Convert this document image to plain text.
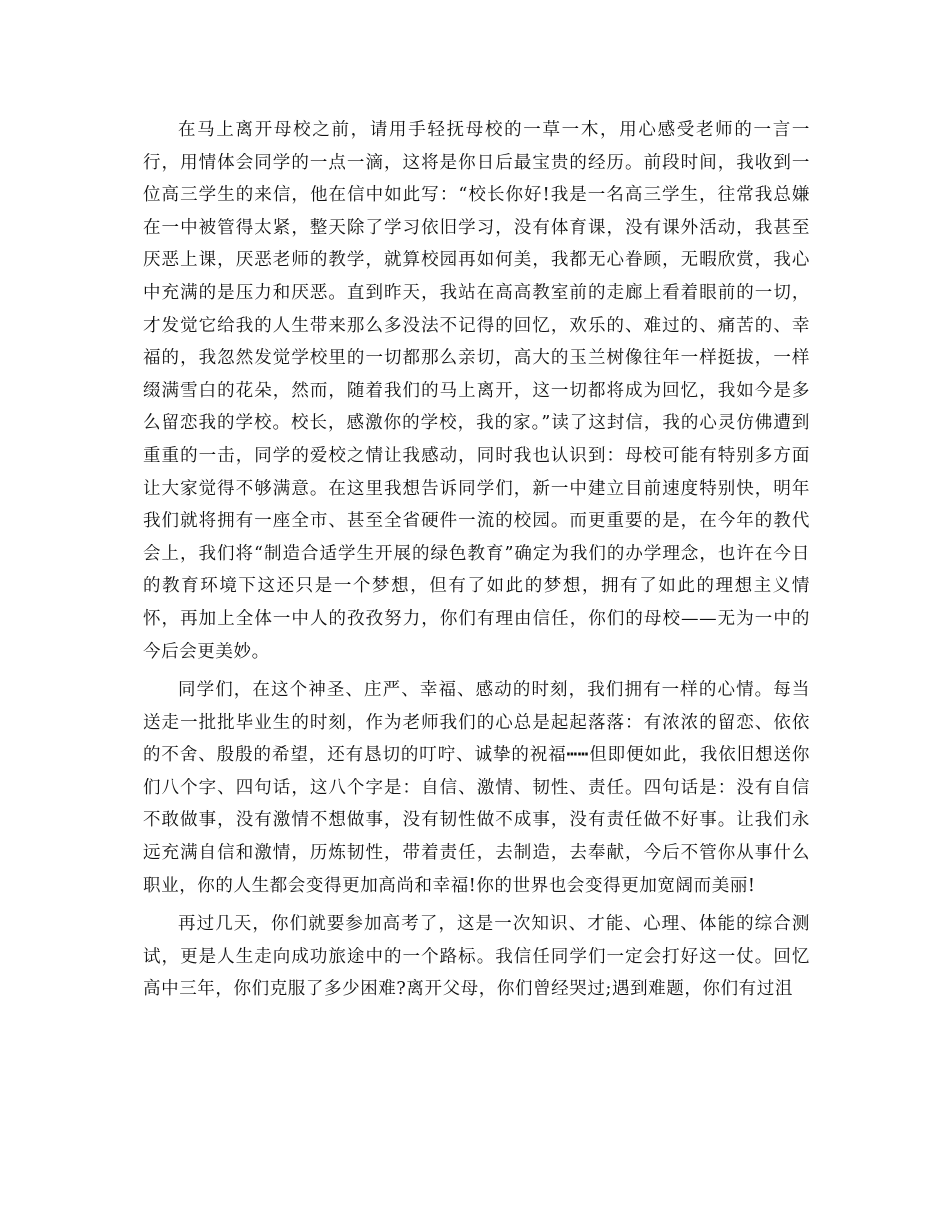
在马上离开母校之前，请用手轻抚母校的一草一木，用心感受老师的一言一行，用情体会同学的一点一滴，这将是你日后最宝贵的经历。前段时间，我收到一位高三学生的来信，他在信中如此写：“校长你好!我是一名高三学生，往常我总嫌在一中被管得太紧，整天除了学习依旧学习，没有体育课，没有课外活动，我甚至厌恶上课，厌恶老师的教学，就算校园再如何美，我都无心眷顾，无暇欣赏，我心中充满的是压力和厌恶。直到昨天，我站在高高教室前的走廊上看着眼前的一切，才发觉它给我的人生带来那么多没法不记得的回忆，欢乐的、难过的、痛苦的、幸福的，我忽然发觉学校里的一切都那么亲切，高大的玉兰树像往年一样挺拔，一样缀满雪白的花朵，然而，随着我们的马上离开，这一切都将成为回忆，我如今是多么留恋我的学校。校长，感激你的学校，我的家。”读了这封信，我的心灵仿佛遭到重重的一击，同学的爱校之情让我感动，同时我也认识到：母校可能有特别多方面让大家觉得不够满意。在这里我想告诉同学们，新一中建立目前速度特别快，明年我们就将拥有一座全市、甚至全省硬件一流的校园。而更重要的是，在今年的教代会上，我们将“制造合适学生开展的绿色教育”确定为我们的办学理念，也许在今日的教育环境下这还只是一个梦想，但有了如此的梦想，拥有了如此的理想主义情怀，再加上全体一中人的孜孜努力，你们有理由信任，你们的母校——无为一中的今后会更美妙。

同学们，在这个神圣、庄严、幸福、感动的时刻，我们拥有一样的心情。每当送走一批批毕业生的时刻，作为老师我们的心总是起起落落：有浓浓的留恋、依依的不舍、殷殷的希望，还有恳切的叮咛、诚挚的祝福┅┅但即便如此，我依旧想送你们八个字、四句话，这八个字是：自信、激情、韧性、责任。四句话是：没有自信不敢做事，没有激情不想做事，没有韧性做不成事，没有责任做不好事。让我们永远充满自信和激情，历炼韧性，带着责任，去制造，去奉献，今后不管你从事什么职业，你的人生都会变得更加高尚和幸福!你的世界也会变得更加宽阔而美丽!

再过几天，你们就要参加高考了，这是一次知识、才能、心理、体能的综合测试，更是人生走向成功旅途中的一个路标。我信任同学们一定会打好这一仗。回忆高中三年，你们克服了多少困难?离开父母，你们曾经哭过;遇到难题，你们有过沮
